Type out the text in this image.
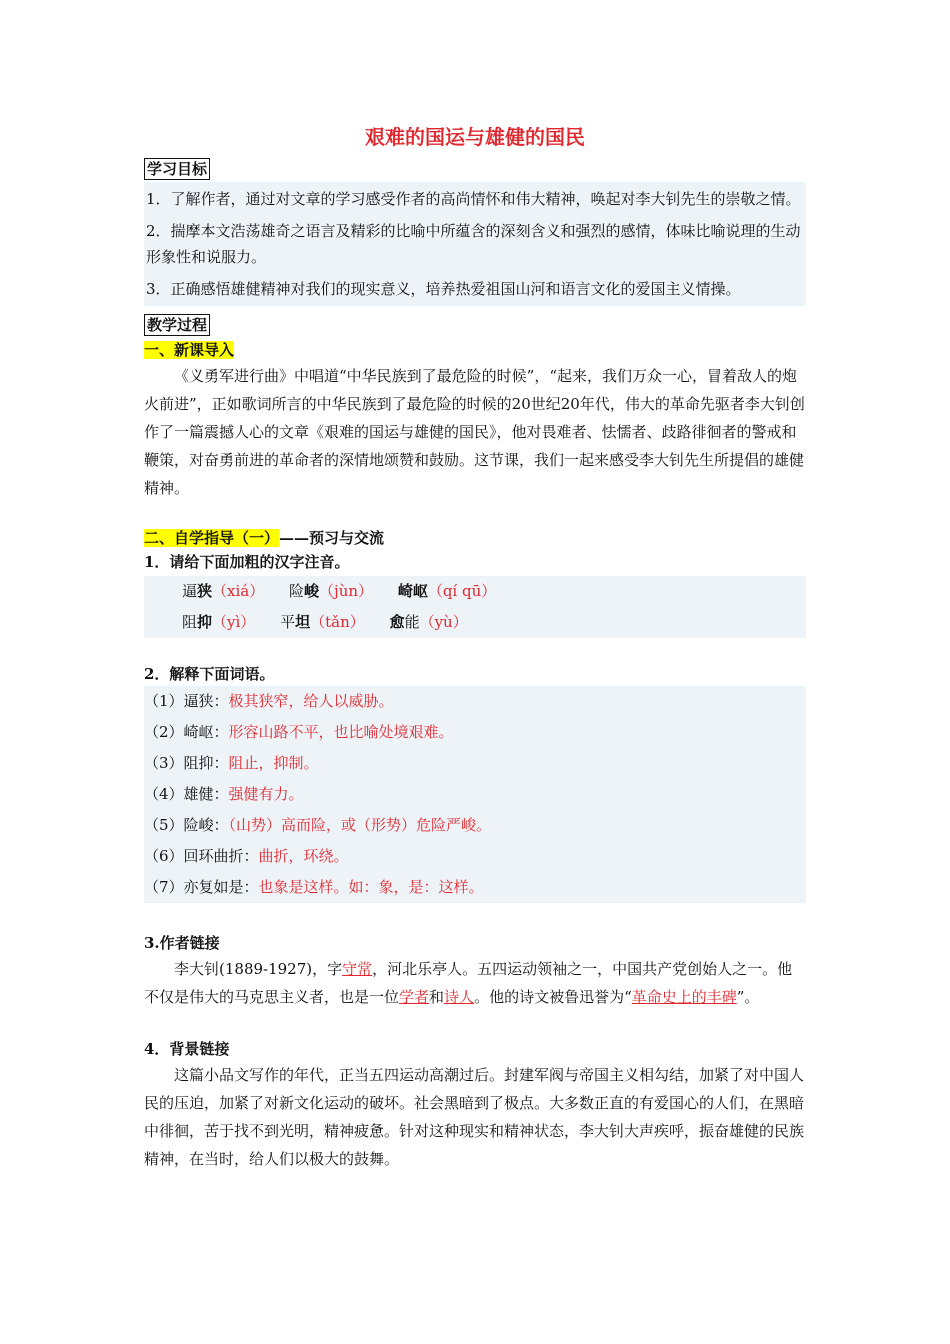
艰难的国运与雄健的国民
学习目标
1．了解作者，通过对文章的学习感受作者的高尚情怀和伟大精神，唤起对李大钊先生的崇敬之情。
2．揣摩本文浩荡雄奇之语言及精彩的比喻中所蕴含的深刻含义和强烈的感情，体味比喻说理的生动形象性和说服力。
3．正确感悟雄健精神对我们的现实意义，培养热爱祖国山河和语言文化的爱国主义情操。
教学过程
一、新课导入
《义勇军进行曲》中唱道“中华民族到了最危险的时候”，“起来，我们万众一心，冒着敌人的炮火前进”，正如歌词所言的中华民族到了最危险的时候的20世纪20年代，伟大的革命先驱者李大钊创作了一篇震撼人心的文章《艰难的国运与雄健的国民》，他对畏难者、怯懦者、歧路徘徊者的警戒和鞭策，对奋勇前进的革命者的深情地颂赞和鼓励。这节课，我们一起来感受李大钊先生所提倡的雄健精神。
二、自学指导（一）——预习与交流
1．请给下面加粗的汉字注音。
逼狭（xiá） 险峻（jùn） 崎岖（qí qū）
阻抑（yì） 平坦（tǎn） 愈能（yù）
2．解释下面词语。
（1）逼狭：极其狭窄，给人以威胁。
（2）崎岖：形容山路不平，也比喻处境艰难。
（3）阻抑：阻止，抑制。
（4）雄健：强健有力。
（5）险峻：（山势）高而险，或（形势）危险严峻。
（6）回环曲折：曲折，环绕。
（7）亦复如是：也象是这样。如：象，是：这样。
3.作者链接
李大钊(1889-1927)，字守常，河北乐亭人。五四运动领袖之一，中国共产党创始人之一。他不仅是伟大的马克思主义者，也是一位学者和诗人。他的诗文被鲁迅誉为“革命史上的丰碑”。
4．背景链接
这篇小品文写作的年代，正当五四运动高潮过后。封建军阀与帝国主义相勾结，加紧了对中国人民的压迫，加紧了对新文化运动的破坏。社会黑暗到了极点。大多数正直的有爱国心的人们，在黑暗中徘徊，苦于找不到光明，精神疲惫。针对这种现实和精神状态，李大钊大声疾呼，振奋雄健的民族精神，在当时，给人们以极大的鼓舞。
